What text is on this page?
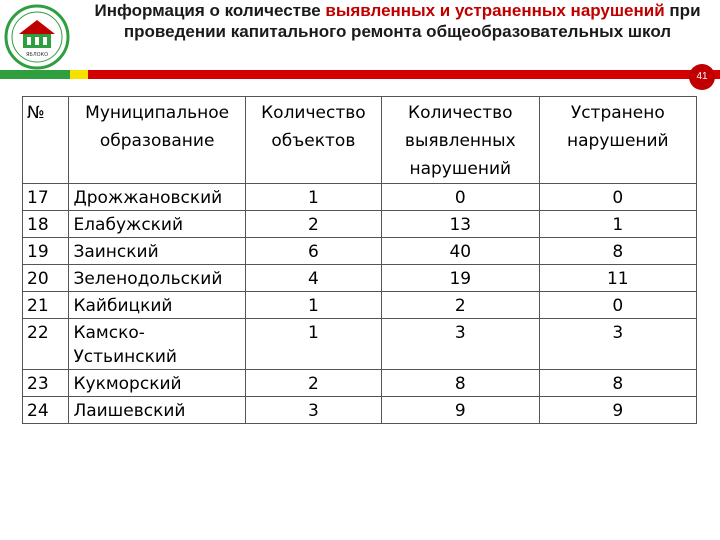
ЯБЛОКО
Информация о количестве выявленных и устраненных нарушений при проведении капитального ремонта общеобразовательных школ
41
№	Муниципальное образование	Количество объектов	Количество выявленных нарушений	Устранено нарушений
17	Дрожжановский	1	0	0
18	Елабужский	2	13	1
19	Заинский	6	40	8
20	Зеленодольский	4	19	11
21	Кайбицкий	1	2	0
22	Камско-Устьинский	1	3	3
23	Кукморский	2	8	8
24	Лаишевский	3	9	9
